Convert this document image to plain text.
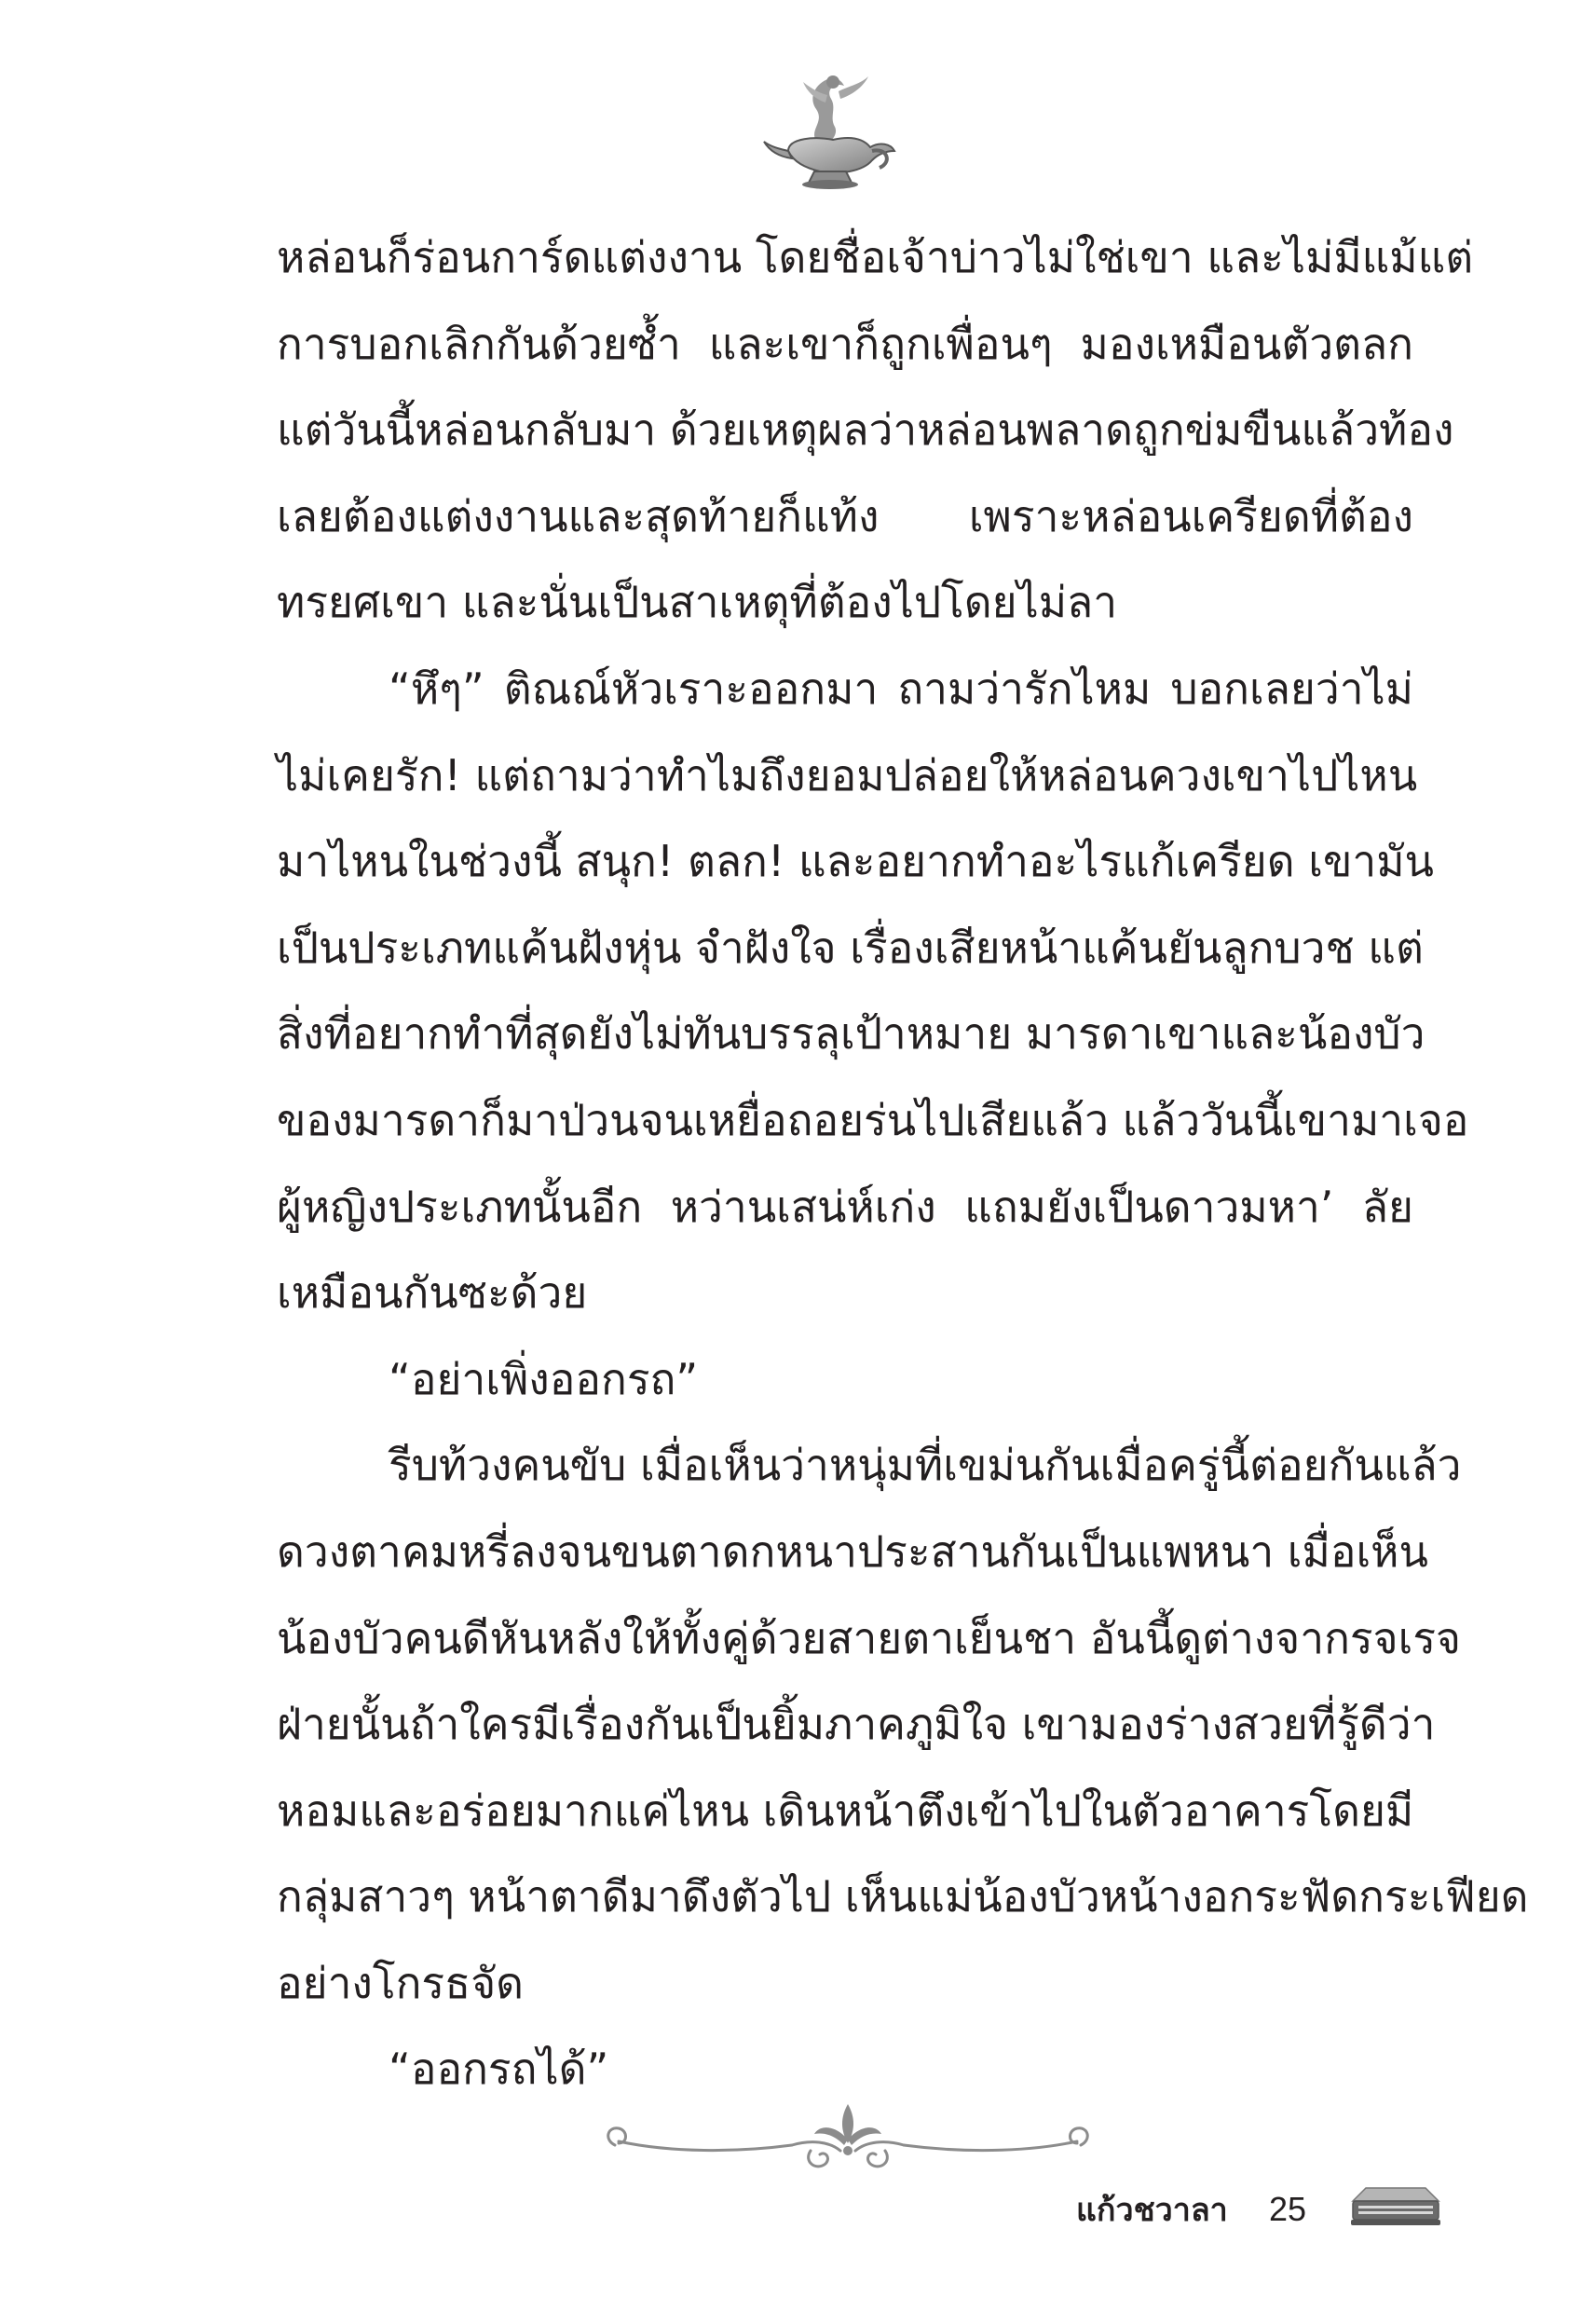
หล่อนก็ร่อนการ์ดแต่งงาน โดยชื่อเจ้าบ่าวไม่ใช่เขา และไม่มีแม้แต่
การบอกเลิกกันด้วยซ้ำ และเขาก็ถูกเพื่อนๆ มองเหมือนตัวตลก
แต่วันนี้หล่อนกลับมา ด้วยเหตุผลว่าหล่อนพลาดถูกข่มขืนแล้วท้อง
เลยต้องแต่งงานและสุดท้ายก็แท้ง เพราะหล่อนเครียดที่ต้อง
ทรยศเขา และนั่นเป็นสาเหตุที่ต้องไปโดยไม่ลา
“หึๆ” ติณณ์หัวเราะออกมา ถามว่ารักไหม บอกเลยว่าไม่
ไม่เคยรัก! แต่ถามว่าทำไมถึงยอมปล่อยให้หล่อนควงเขาไปไหน
มาไหนในช่วงนี้ สนุก! ตลก! และอยากทำอะไรแก้เครียด เขามัน
เป็นประเภทแค้นฝังหุ่น จำฝังใจ เรื่องเสียหน้าแค้นยันลูกบวช แต่
สิ่งที่อยากทำที่สุดยังไม่ทันบรรลุเป้าหมาย มารดาเขาและน้องบัว
ของมารดาก็มาป่วนจนเหยื่อถอยร่นไปเสียแล้ว แล้ววันนี้เขามาเจอ
ผู้หญิงประเภทนั้นอีก หว่านเสน่ห์เก่ง แถมยังเป็นดาวมหา’ ลัย
เหมือนกันซะด้วย
“อย่าเพิ่งออกรถ”
รีบท้วงคนขับ เมื่อเห็นว่าหนุ่มที่เขม่นกันเมื่อครู่นี้ต่อยกันแล้ว
ดวงตาคมหรี่ลงจนขนตาดกหนาประสานกันเป็นแพหนา เมื่อเห็น
น้องบัวคนดีหันหลังให้ทั้งคู่ด้วยสายตาเย็นชา อันนี้ดูต่างจากรจเรจ
ฝ่ายนั้นถ้าใครมีเรื่องกันเป็นยิ้มภาคภูมิใจ เขามองร่างสวยที่รู้ดีว่า
หอมและอร่อยมากแค่ไหน เดินหน้าตึงเข้าไปในตัวอาคารโดยมี
กลุ่มสาวๆ หน้าตาดีมาดึงตัวไป เห็นแม่น้องบัวหน้างอกระฟัดกระเฟียด
อย่างโกรธจัด
“ออกรถได้”
แก้วชวาลา 25
